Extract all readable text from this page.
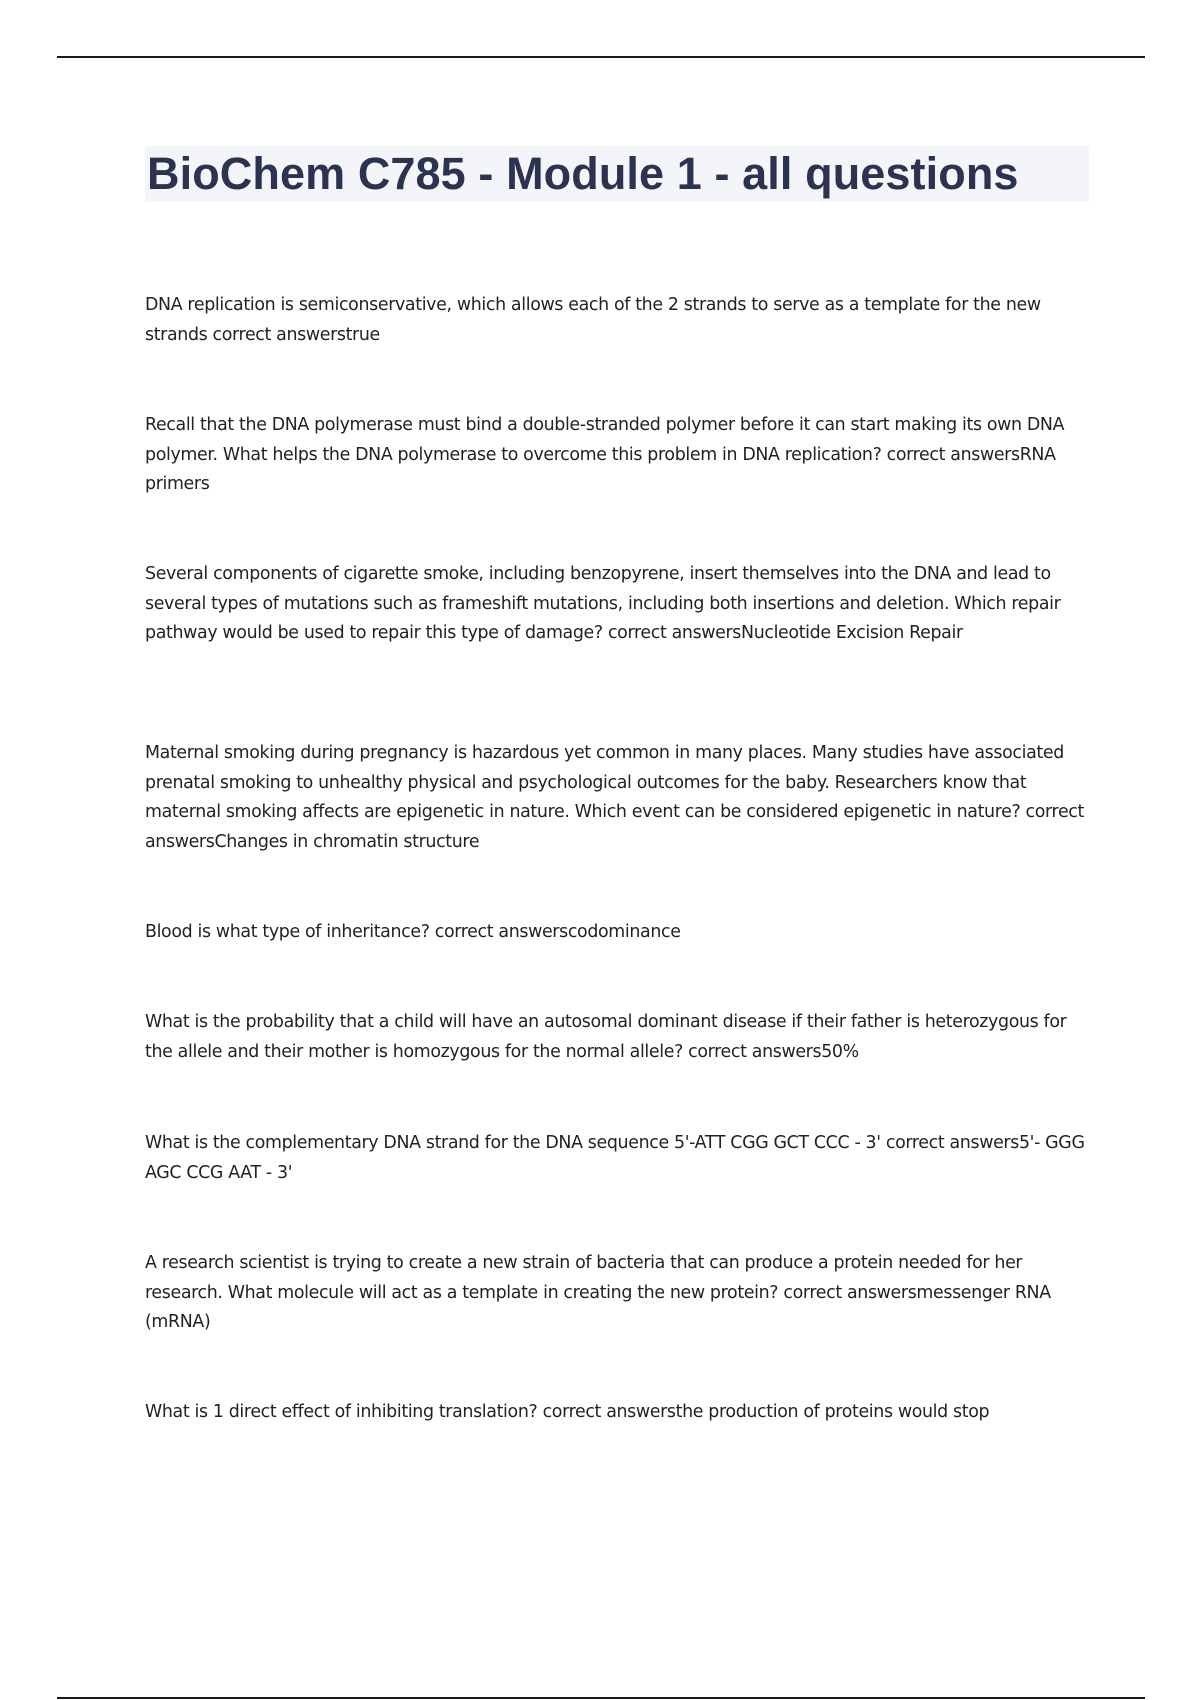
BioChem C785 - Module 1 - all questions

DNA replication is semiconservative, which allows each of the 2 strands to serve as a template for the new strands correct answerstrue

Recall that the DNA polymerase must bind a double-stranded polymer before it can start making its own DNA polymer. What helps the DNA polymerase to overcome this problem in DNA replication? correct answersRNA primers

Several components of cigarette smoke, including benzopyrene, insert themselves into the DNA and lead to several types of mutations such as frameshift mutations, including both insertions and deletion. Which repair pathway would be used to repair this type of damage? correct answersNucleotide Excision Repair

Maternal smoking during pregnancy is hazardous yet common in many places. Many studies have associated prenatal smoking to unhealthy physical and psychological outcomes for the baby. Researchers know that maternal smoking affects are epigenetic in nature. Which event can be considered epigenetic in nature? correct answersChanges in chromatin structure

Blood is what type of inheritance? correct answerscodominance

What is the probability that a child will have an autosomal dominant disease if their father is heterozygous for the allele and their mother is homozygous for the normal allele? correct answers50%

What is the complementary DNA strand for the DNA sequence 5'-ATT CGG GCT CCC - 3' correct answers5'- GGG AGC CCG AAT - 3'

A research scientist is trying to create a new strain of bacteria that can produce a protein needed for her research. What molecule will act as a template in creating the new protein? correct answersmessenger RNA (mRNA)

What is 1 direct effect of inhibiting translation? correct answersthe production of proteins would stop
